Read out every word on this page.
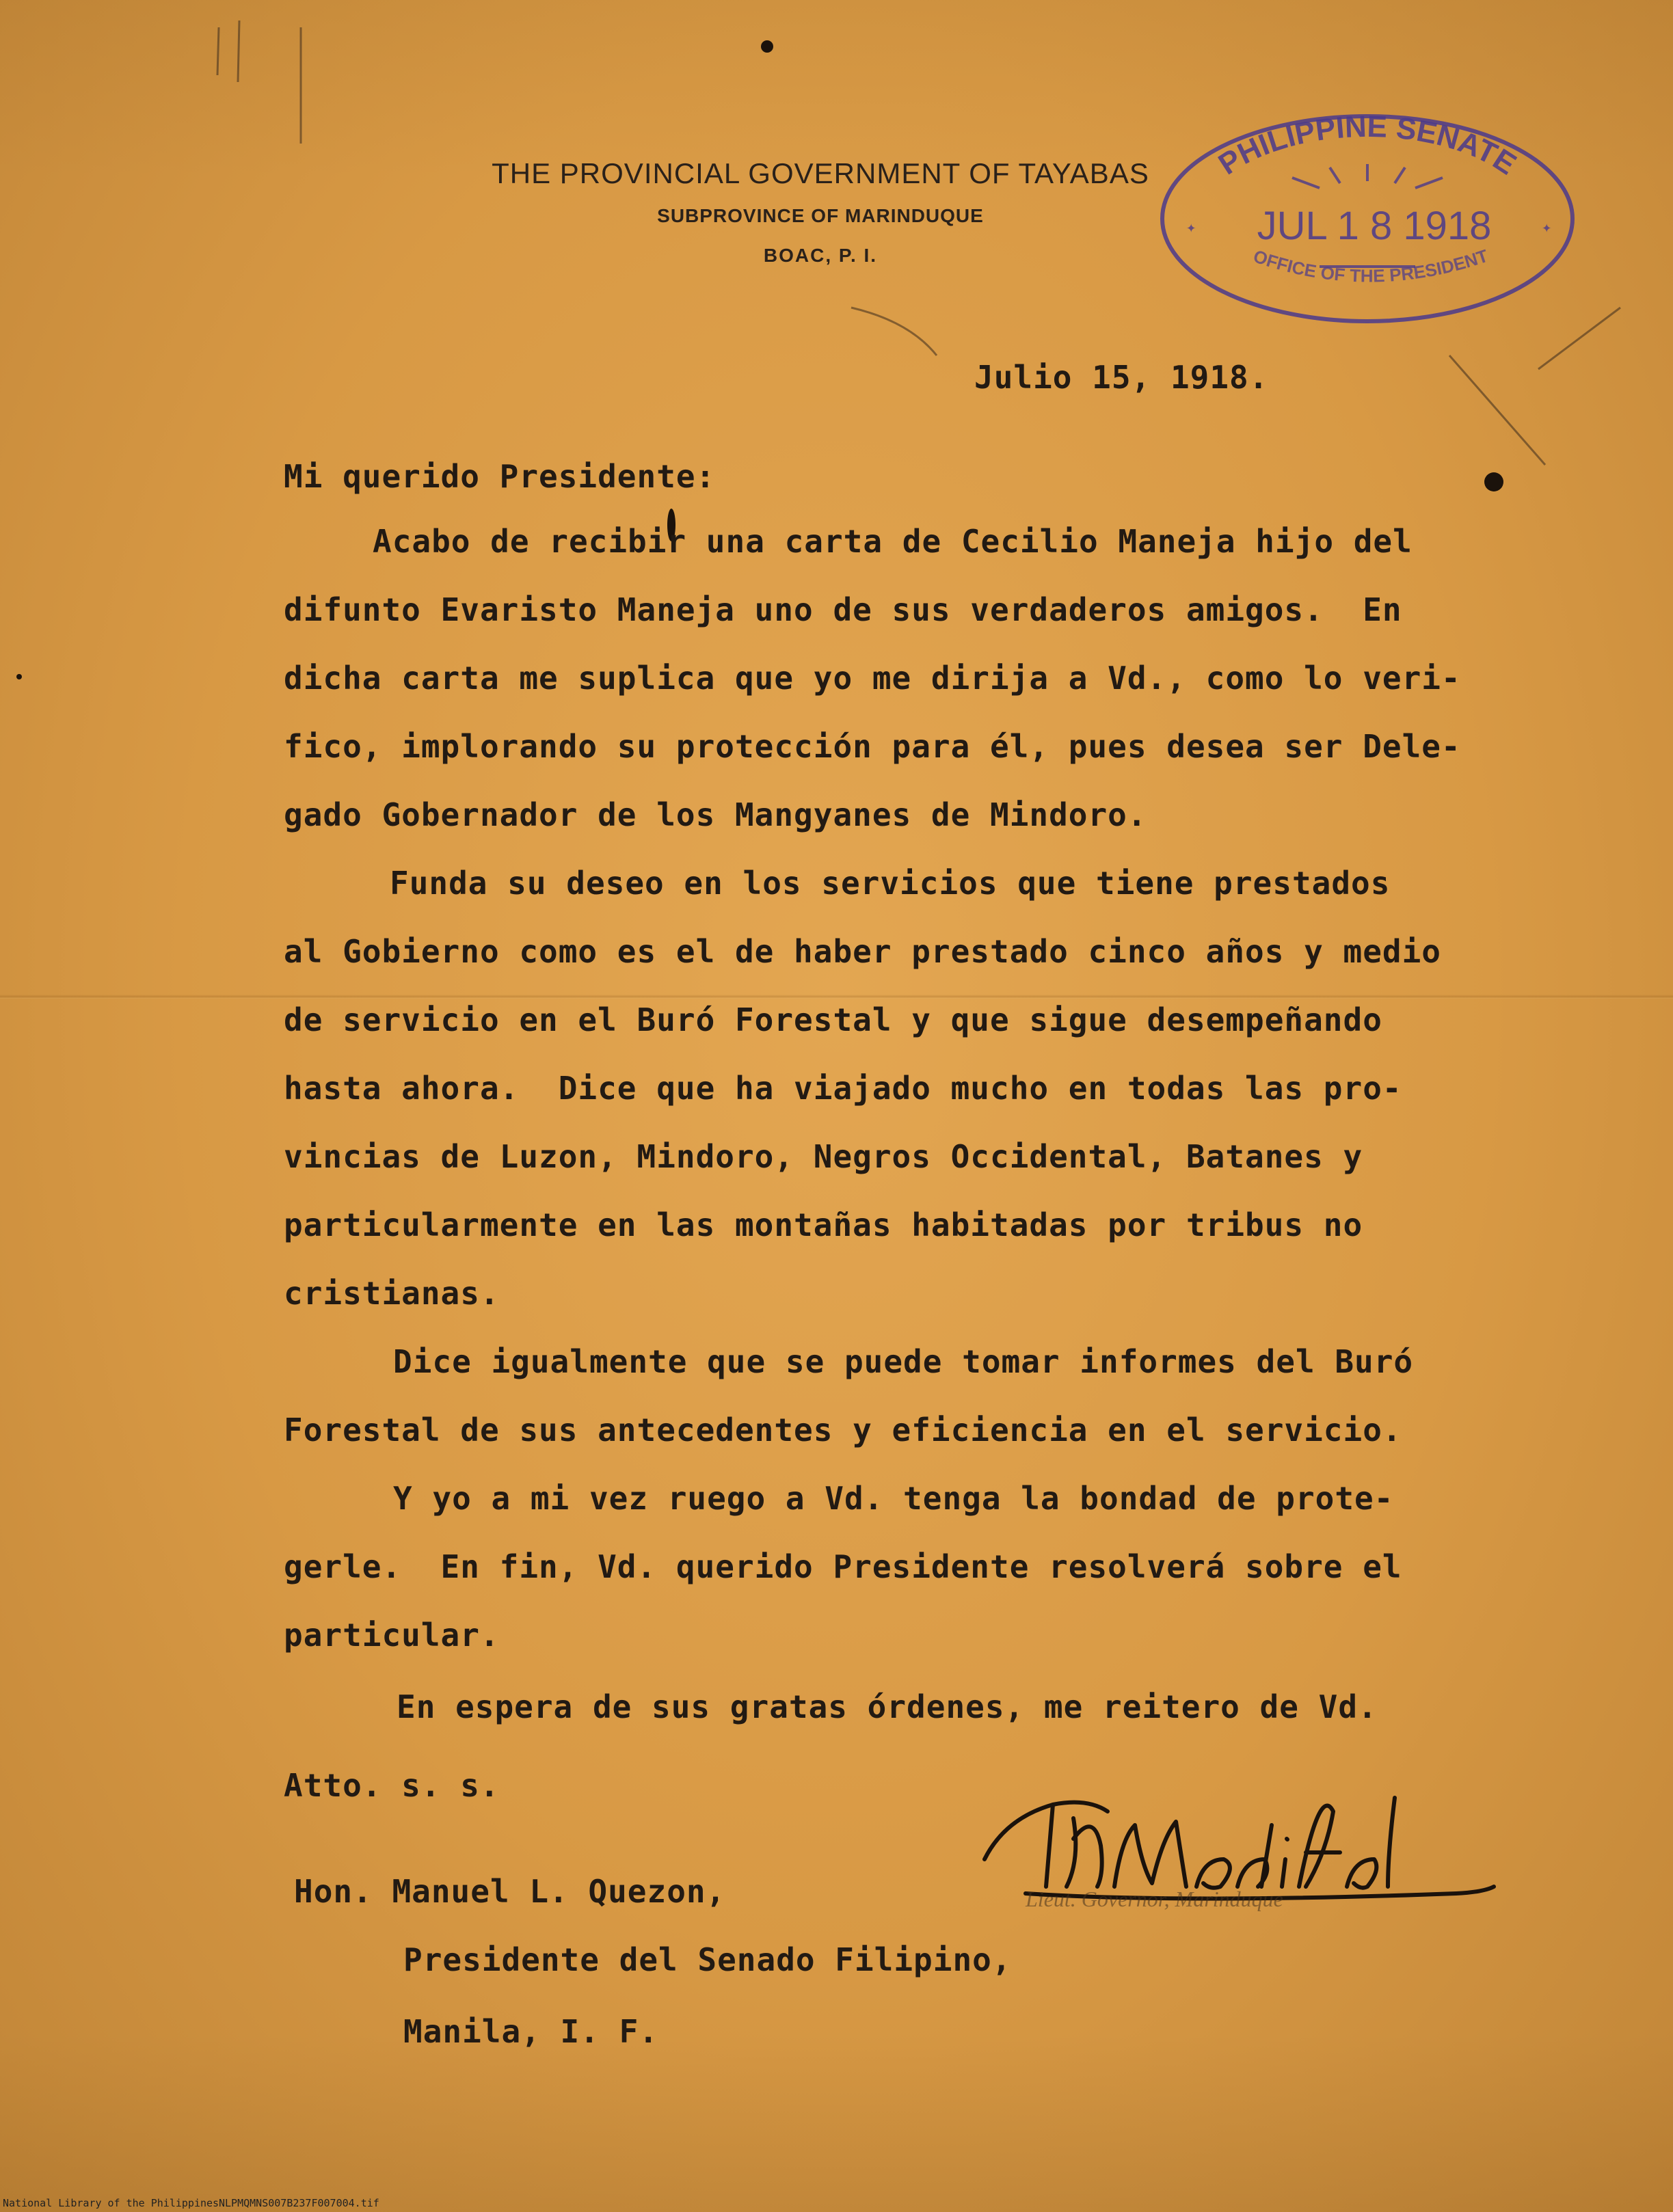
THE PROVINCIAL GOVERNMENT OF TAYABAS
SUBPROVINCE OF MARINDUQUE
BOAC, P. I.
PHILIPPINE SENATE
JUL 1 8 1918
OFFICE OF THE PRESIDENT
✦	✦
Julio 15, 1918.
Mi querido Presidente:
Acabo de recibir una carta de Cecilio Maneja hijo del
difunto Evaristo Maneja uno de sus verdaderos amigos.  En
dicha carta me suplica que yo me dirija a Vd., como lo veri-
fico, implorando su protección para él, pues desea ser Dele-
gado Gobernador de los Mangyanes de Mindoro.
Funda su deseo en los servicios que tiene prestados
al Gobierno como es el de haber prestado cinco años y medio
de servicio en el Buró Forestal y que sigue desempeñando
hasta ahora.  Dice que ha viajado mucho en todas las pro-
vincias de Luzon, Mindoro, Negros Occidental, Batanes y
particularmente en las montañas habitadas por tribus no
cristianas.
Dice igualmente que se puede tomar informes del Buró
Forestal de sus antecedentes y eficiencia en el servicio.
Y yo a mi vez ruego a Vd. tenga la bondad de prote-
gerle.  En fin, Vd. querido Presidente resolverá sobre el
particular.
En espera de sus gratas órdenes, me reitero de Vd.
Atto. s. s.
Lieut. Governor, Marinduque
Hon. Manuel L. Quezon,
Presidente del Senado Filipino,
Manila, I. F.
National Library of the Philippines NLPMQMNS007B237F007004.tif
